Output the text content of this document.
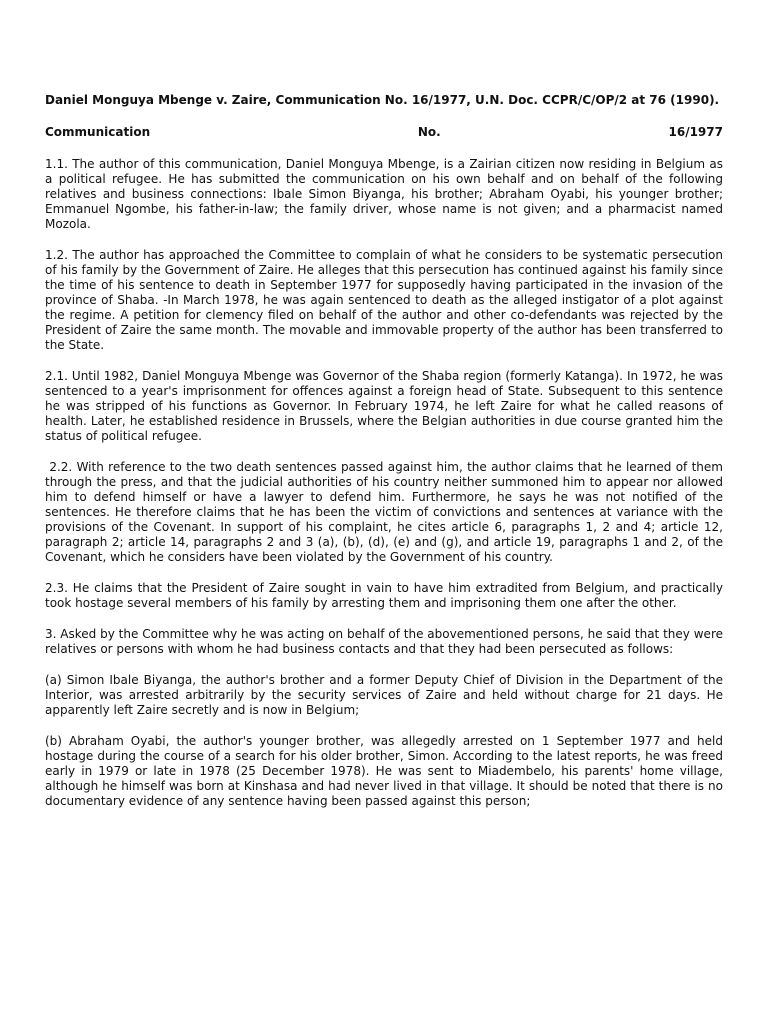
Daniel Monguya Mbenge v. Zaire, Communication No. 16/1977, U.N. Doc. CCPR/C/OP/2 at 76 (1990).
Communication	No.	16/1977

1.1. The author of this communication, Daniel Monguya Mbenge, is a Zairian citizen now residing in Belgium as a political refugee. He has submitted the communication on his own behalf and on behalf of the following relatives and business connections: Ibale Simon Biyanga, his brother; Abraham Oyabi, his younger brother; Emmanuel Ngombe, his father-in-law; the family driver, whose name is not given; and a pharmacist named Mozola.

1.2. The author has approached the Committee to complain of what he considers to be systematic persecution of his family by the Government of Zaire. He alleges that this persecution has continued against his family since the time of his sentence to death in September 1977 for supposedly having participated in the invasion of the province of Shaba. -In March 1978, he was again sentenced to death as the alleged instigator of a plot against the regime. A petition for clemency filed on behalf of the author and other co-defendants was rejected by the President of Zaire the same month. The movable and immovable property of the author has been transferred to the State.

2.1. Until 1982, Daniel Monguya Mbenge was Governor of the Shaba region (formerly Katanga). In 1972, he was sentenced to a year's imprisonment for offences against a foreign head of State. Subsequent to this sentence he was stripped of his functions as Governor. In February 1974, he left Zaire for what he called reasons of health. Later, he established residence in Brussels, where the Belgian authorities in due course granted him the status of political refugee.

2.2. With reference to the two death sentences passed against him, the author claims that he learned of them through the press, and that the judicial authorities of his country neither summoned him to appear nor allowed him to defend himself or have a lawyer to defend him. Furthermore, he says he was not notified of the sentences. He therefore claims that he has been the victim of convictions and sentences at variance with the provisions of the Covenant. In support of his complaint, he cites article 6, paragraphs 1, 2 and 4; article 12, paragraph 2; article 14, paragraphs 2 and 3 (a), (b), (d), (e) and (g), and article 19, paragraphs 1 and 2, of the Covenant, which he considers have been violated by the Government of his country.

2.3. He claims that the President of Zaire sought in vain to have him extradited from Belgium, and practically took hostage several members of his family by arresting them and imprisoning them one after the other.

3. Asked by the Committee why he was acting on behalf of the abovementioned persons, he said that they were relatives or persons with whom he had business contacts and that they had been persecuted as follows:

(a) Simon Ibale Biyanga, the author's brother and a former Deputy Chief of Division in the Department of the Interior, was arrested arbitrarily by the security services of Zaire and held without charge for 21 days. He apparently left Zaire secretly and is now in Belgium;

(b) Abraham Oyabi, the author's younger brother, was allegedly arrested on 1 September 1977 and held hostage during the course of a search for his older brother, Simon. According to the latest reports, he was freed early in 1979 or late in 1978 (25 December 1978). He was sent to Miadembelo, his parents' home village, although he himself was born at Kinshasa and had never lived in that village. It should be noted that there is no documentary evidence of any sentence having been passed against this person;
